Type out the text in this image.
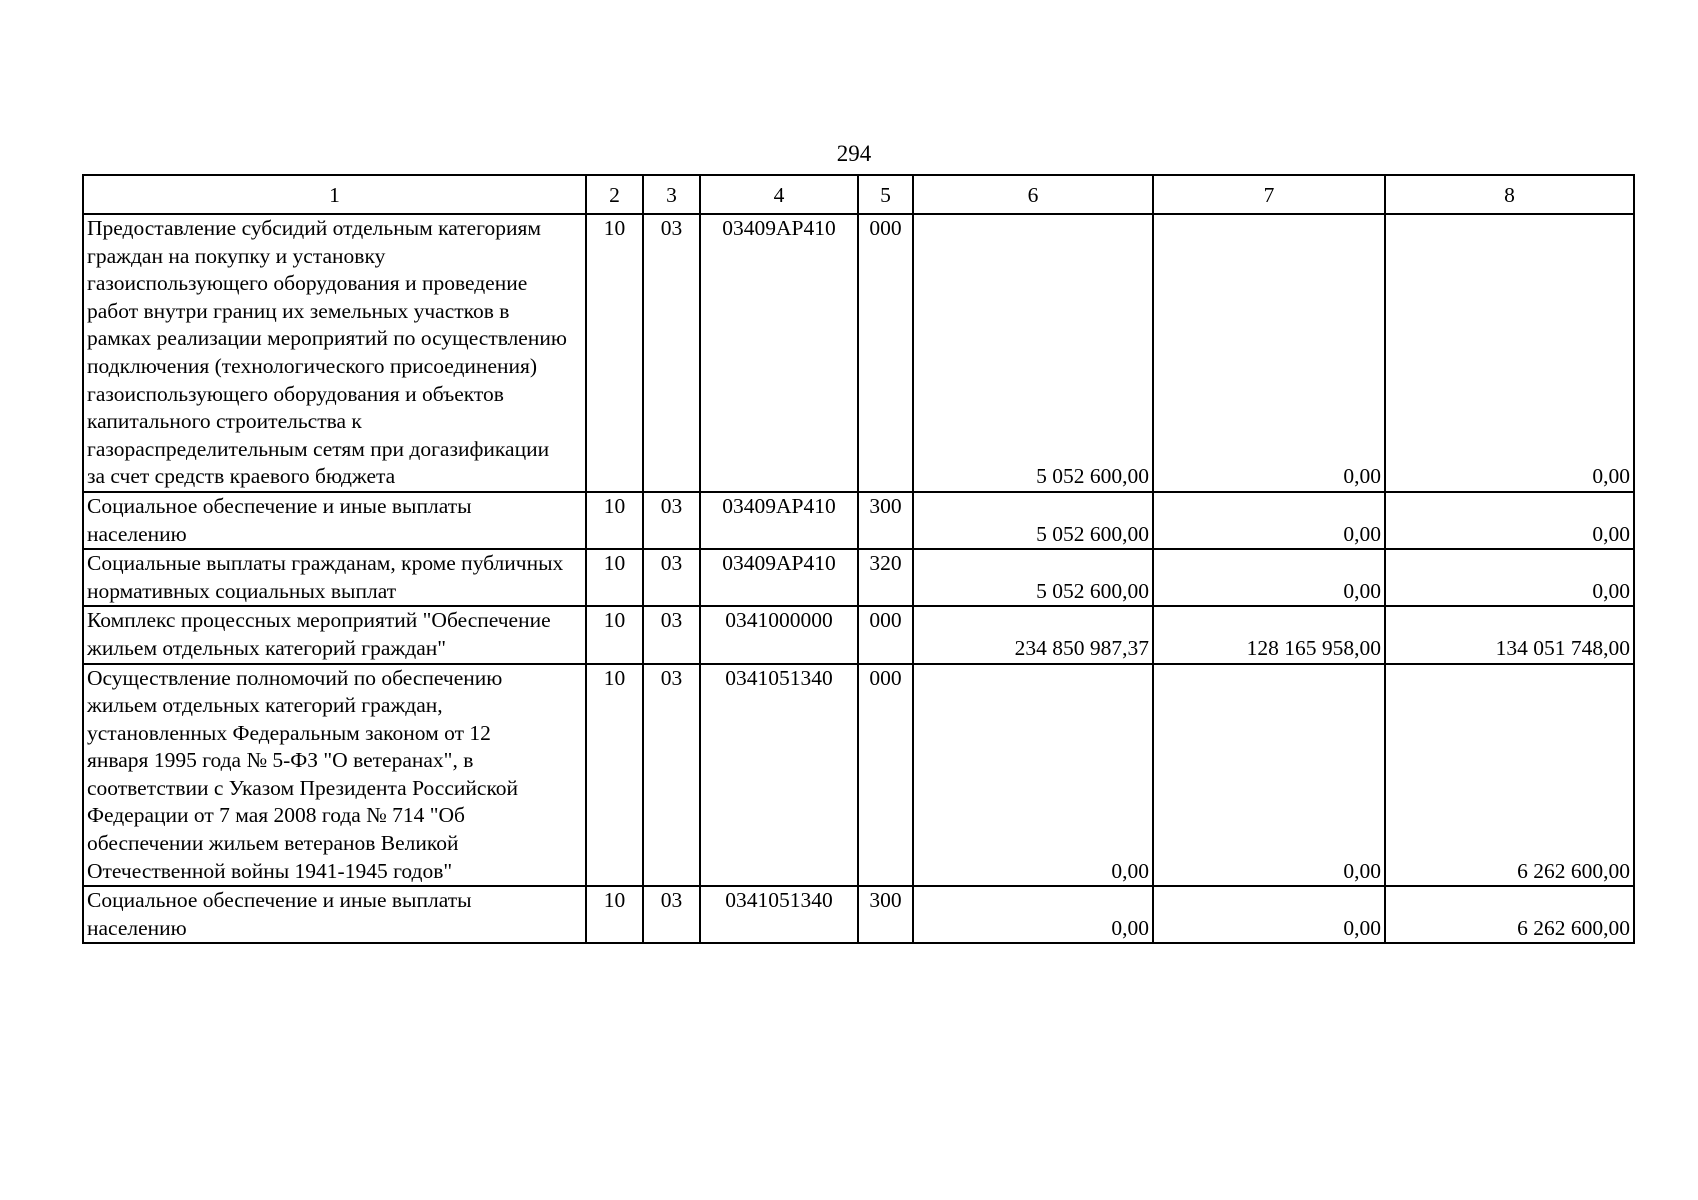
294
1	2	3	4	5	6	7	8

Предоставление субсидий отдельным категориям граждан на покупку и установку газоиспользующего оборудования и проведение работ внутри границ их земельных участков в рамках реализации мероприятий по осуществлению подключения (технологического присоединения) газоиспользующего оборудования и объектов капитального строительства к газораспределительным сетям при догазификации за счет средств краевого бюджета	10	03	03409AP410	000	5 052 600,00	0,00	0,00

Социальное обеспечение и иные выплаты населению	10	03	03409AP410	300	5 052 600,00	0,00	0,00

Социальные выплаты гражданам, кроме публичных нормативных социальных выплат	10	03	03409AP410	320	5 052 600,00	0,00	0,00

Комплекс процессных мероприятий "Обеспечение жильем отдельных категорий граждан"	10	03	0341000000	000	234 850 987,37	128 165 958,00	134 051 748,00

Осуществление полномочий по обеспечению жильем отдельных категорий граждан, установленных Федеральным законом от 12 января 1995 года № 5-ФЗ "О ветеранах", в соответствии с Указом Президента Российской Федерации от 7 мая 2008 года № 714 "Об обеспечении жильем ветеранов Великой Отечественной войны 1941-1945 годов"	10	03	0341051340	000	0,00	0,00	6 262 600,00

Социальное обеспечение и иные выплаты населению	10	03	0341051340	300	0,00	0,00	6 262 600,00
